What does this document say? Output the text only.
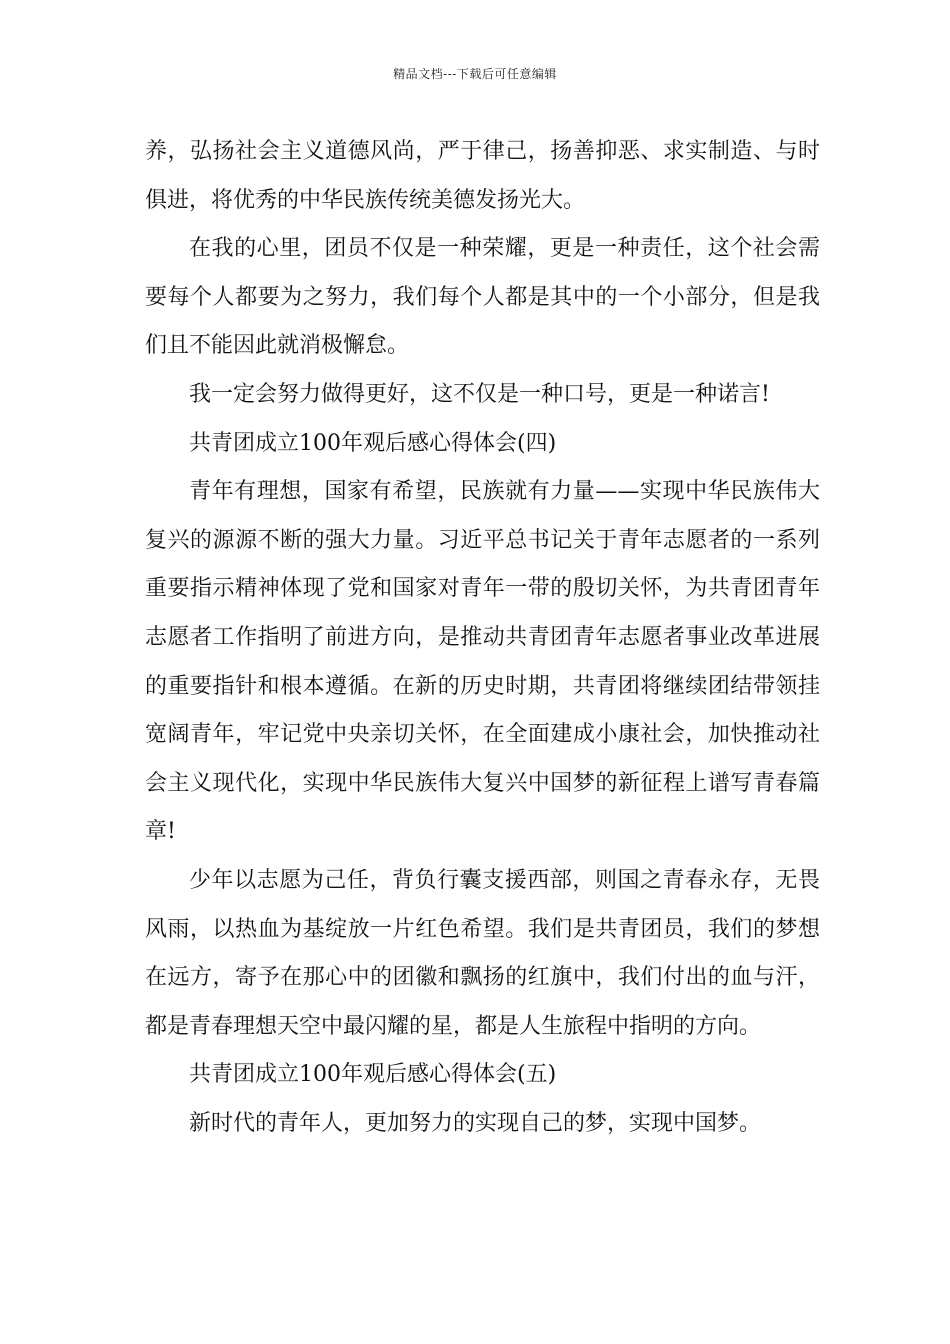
精品文档---下载后可任意编辑

养，弘扬社会主义道德风尚，严于律己，扬善抑恶、求实制造、与时俱进，将优秀的中华民族传统美德发扬光大。

在我的心里，团员不仅是一种荣耀，更是一种责任，这个社会需要每个人都要为之努力，我们每个人都是其中的一个小部分，但是我们且不能因此就消极懈怠。

我一定会努力做得更好，这不仅是一种口号，更是一种诺言!

共青团成立100年观后感心得体会(四)

青年有理想，国家有希望，民族就有力量——实现中华民族伟大复兴的源源不断的强大力量。习近平总书记关于青年志愿者的一系列重要指示精神体现了党和国家对青年一带的殷切关怀，为共青团青年志愿者工作指明了前进方向，是推动共青团青年志愿者事业改革进展的重要指针和根本遵循。在新的历史时期，共青团将继续团结带领挂宽阔青年，牢记党中央亲切关怀，在全面建成小康社会，加快推动社会主义现代化，实现中华民族伟大复兴中国梦的新征程上谱写青春篇章!

少年以志愿为己任，背负行囊支援西部，则国之青春永存，无畏风雨，以热血为基绽放一片红色希望。我们是共青团员，我们的梦想在远方，寄予在那心中的团徽和飘扬的红旗中，我们付出的血与汗，都是青春理想天空中最闪耀的星，都是人生旅程中指明的方向。

共青团成立100年观后感心得体会(五)

新时代的青年人，更加努力的实现自己的梦，实现中国梦。
